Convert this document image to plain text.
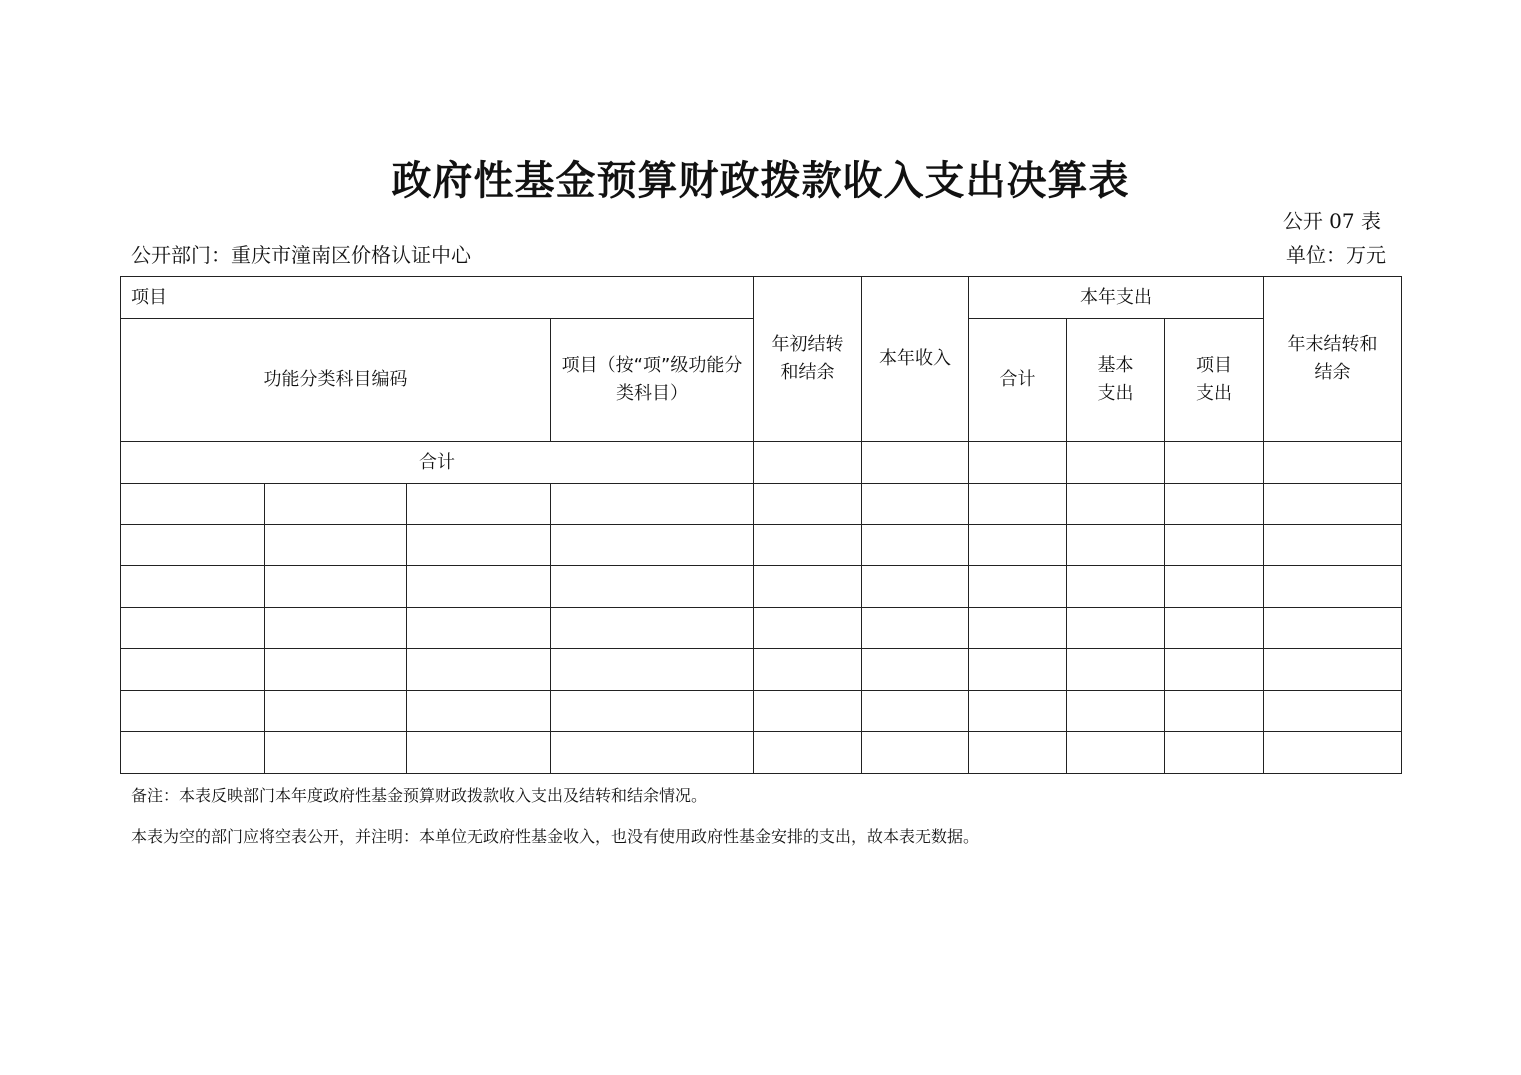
政府性基金预算财政拨款收入支出决算表
公开 07 表
公开部门：重庆市潼南区价格认证中心	单位：万元
项目				年初结转和结余	本年收入	本年支出			年末结转和结余

功能分类科目编码			项目（按“项”级功能分类科目）			合计	基本支出	项目支出	

合计									

备注：本表反映部门本年度政府性基金预算财政拨款收入支出及结转和结余情况。
本表为空的部门应将空表公开，并注明：本单位无政府性基金收入，也没有使用政府性基金安排的支出，故本表无数据。
